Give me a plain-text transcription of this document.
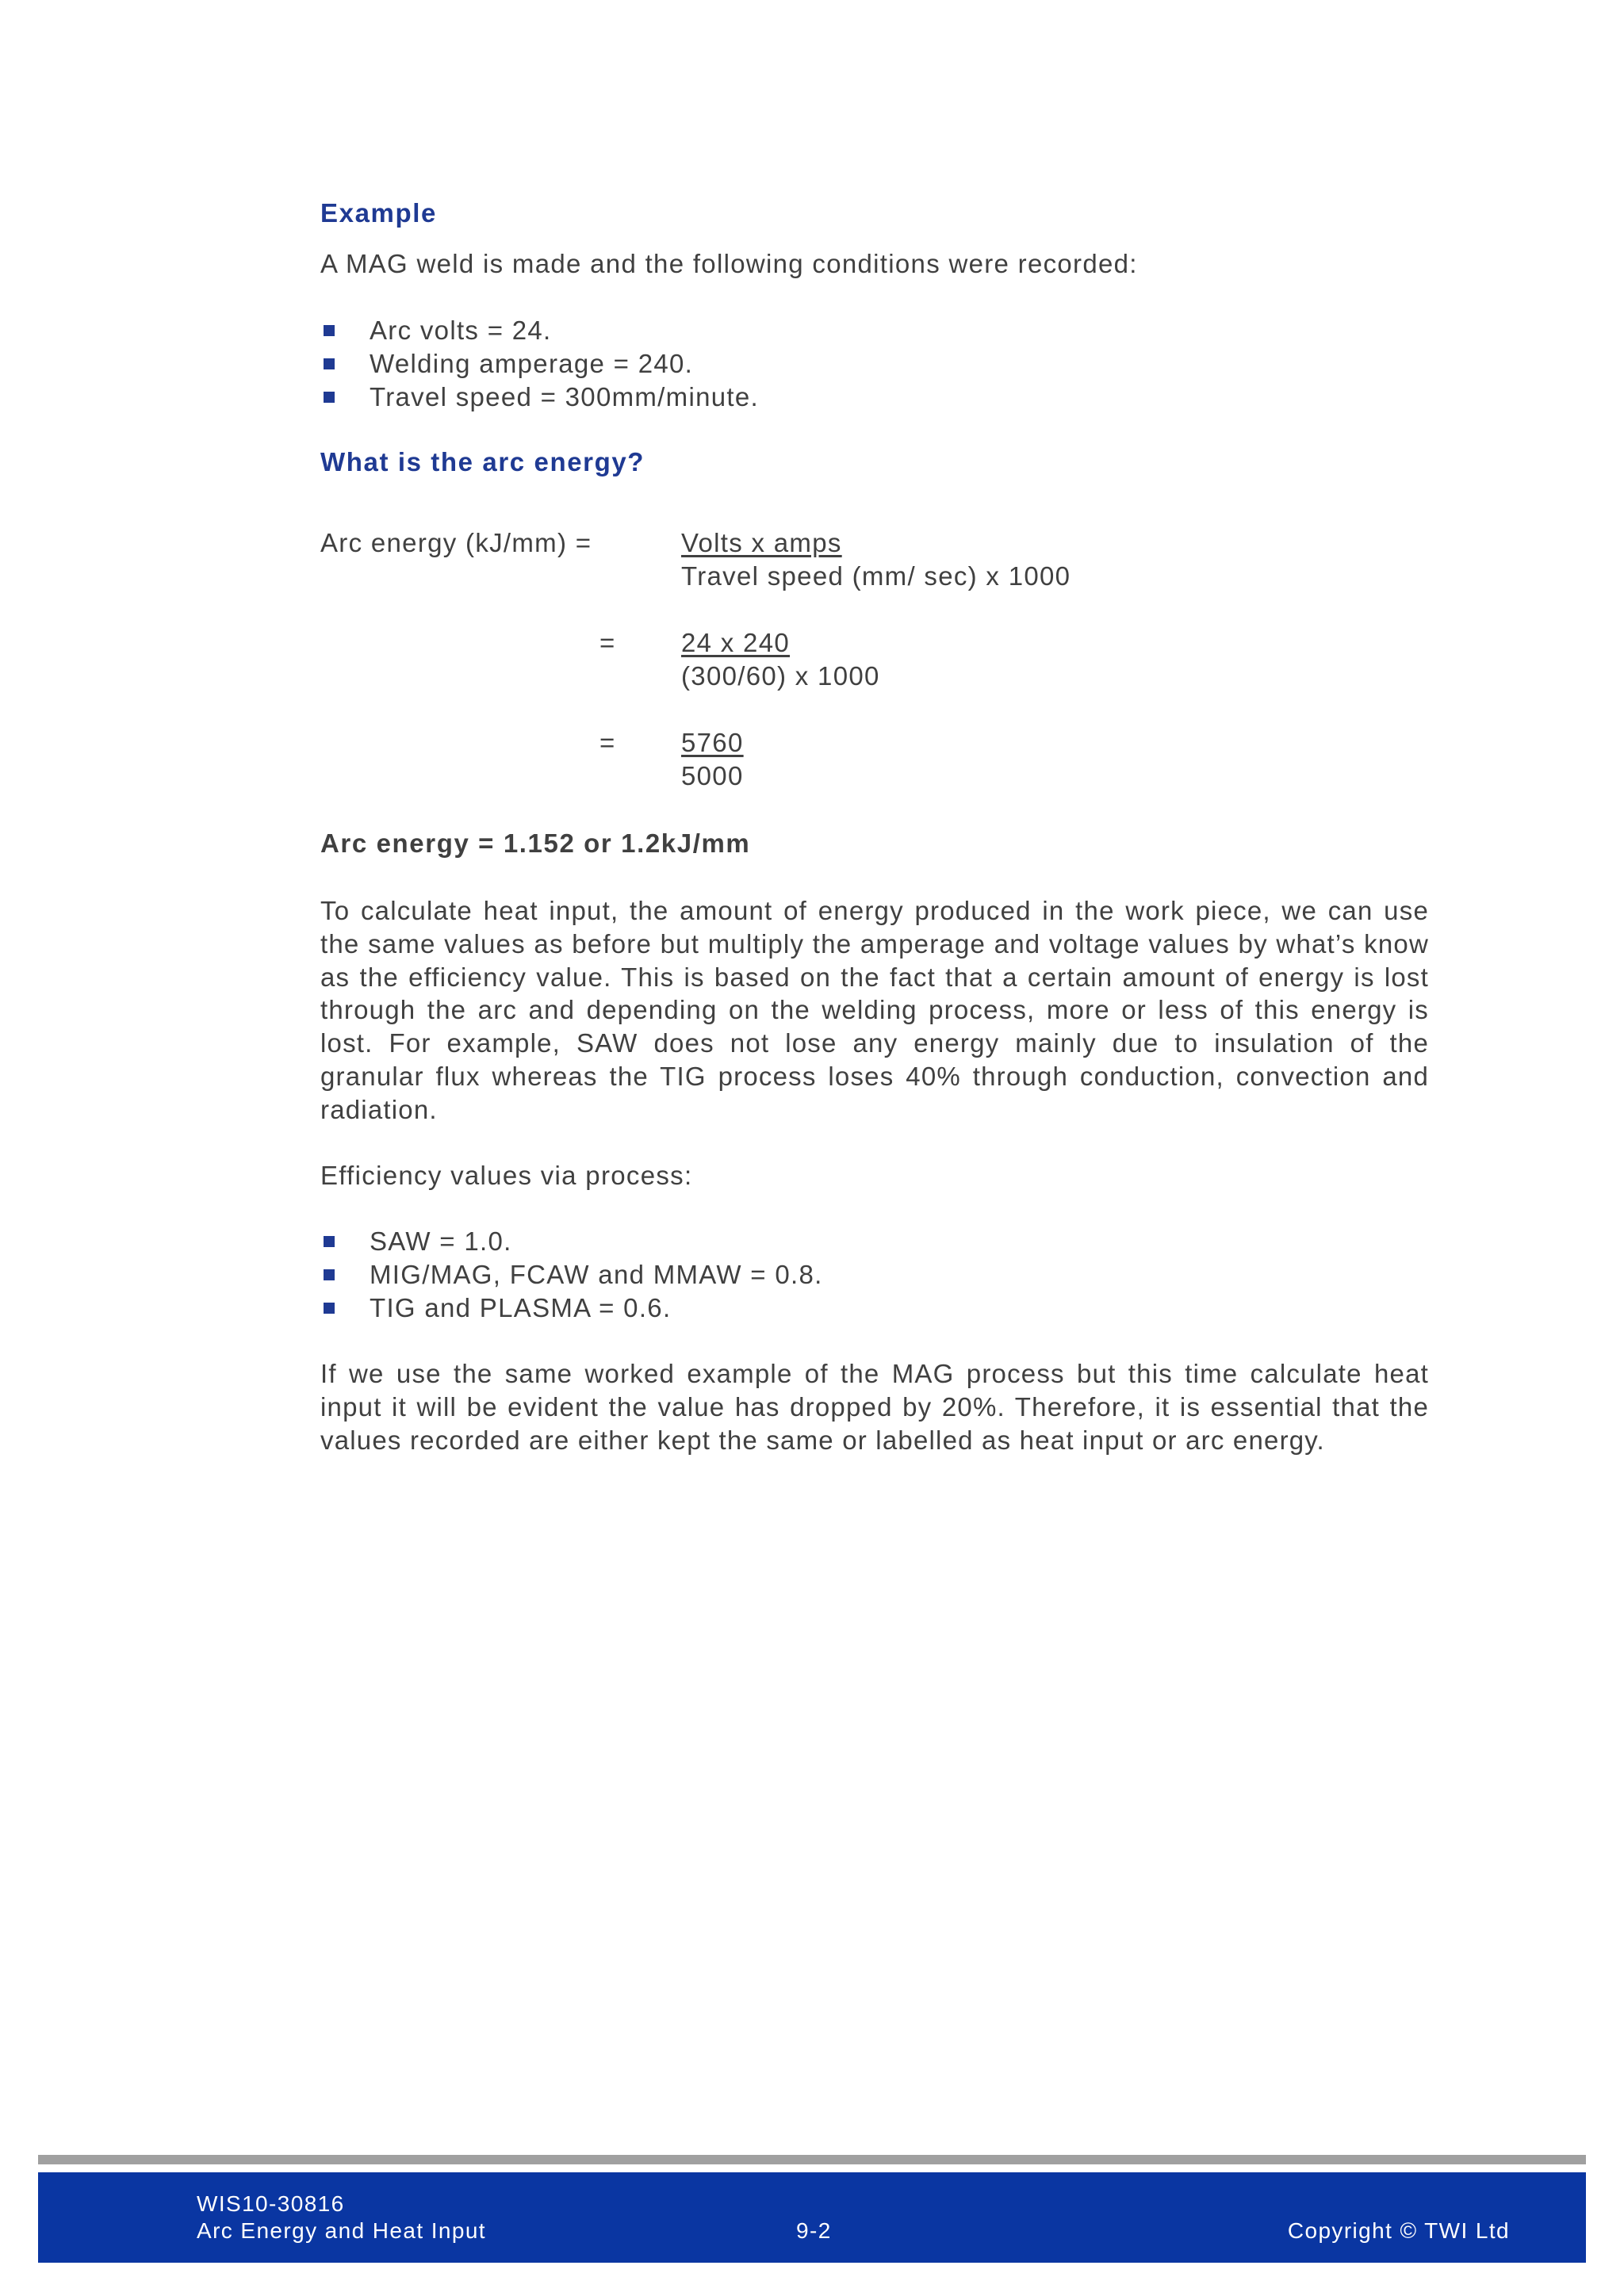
Example

A MAG weld is made and the following conditions were recorded:

Arc volts = 24.
Welding amperage = 240.
Travel speed = 300mm/minute.
What is the arc energy?
Arc energy (kJ/mm) =	Volts x amps
Travel speed (mm/ sec) x 1000
=	24 x 240
(300/60) x 1000
=	5760
5000
Arc energy = 1.152 or 1.2kJ/mm

To calculate heat input, the amount of energy produced in the work piece, we can use the same values as before but multiply the amperage and voltage values by what’s know as the efficiency value. This is based on the fact that a certain amount of energy is lost through the arc and depending on the welding process, more or less of this energy is lost. For example, SAW does not lose any energy mainly due to insulation of the granular flux whereas the TIG process loses 40% through conduction, convection and radiation.

Efficiency values via process:

SAW = 1.0.
MIG/MAG, FCAW and MMAW = 0.8.
TIG and PLASMA = 0.6.

If we use the same worked example of the MAG process but this time calculate heat input it will be evident the value has dropped by 20%. Therefore, it is essential that the values recorded are either kept the same or labelled as heat input or arc energy.

WIS10-30816
Arc Energy and Heat Input	9-2	Copyright © TWI Ltd
